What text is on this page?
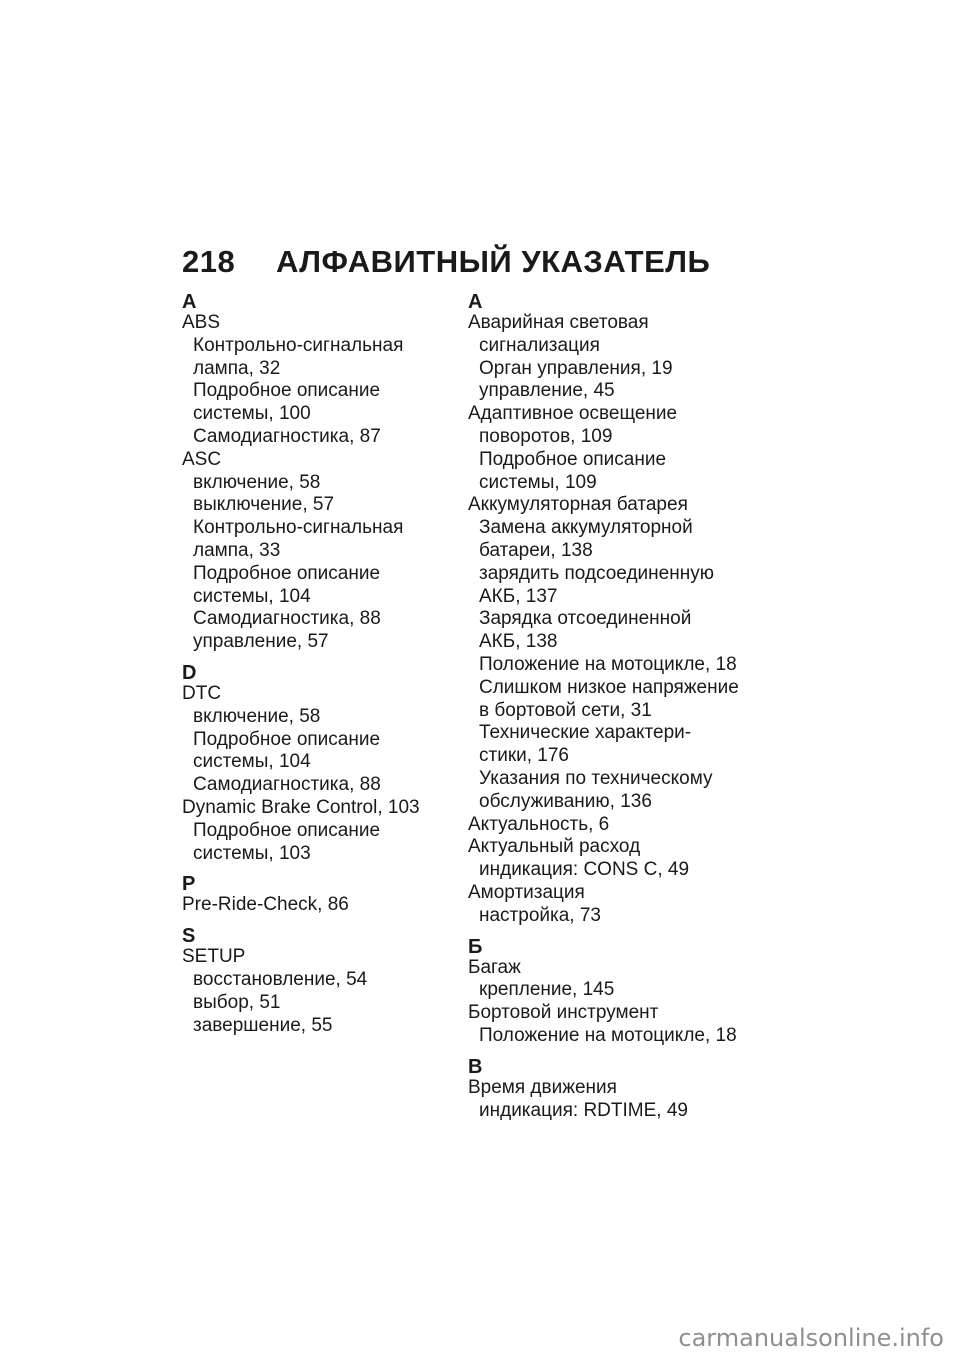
218 АЛФАВИТНЫЙ УКАЗАТЕЛЬ
A
ABS
Контрольно-сигнальная
лампа, 32
Подробное описание
системы, 100
Самодиагностика, 87
ASC
включение, 58
выключение, 57
Контрольно-сигнальная
лампа, 33
Подробное описание
системы, 104
Самодиагностика, 88
управление, 57
D
DTC
включение, 58
Подробное описание
системы, 104
Самодиагностика, 88
Dynamic Brake Control, 103
Подробное описание
системы, 103
P
Pre-Ride-Check, 86
S
SETUP
восстановление, 54
выбор, 51
завершение, 55
А
Аварийная световая
сигнализация
Орган управления, 19
управление, 45
Адаптивное освещение
поворотов, 109
Подробное описание
системы, 109
Аккумуляторная батарея
Замена аккумуляторной
батареи, 138
зарядить подсоединенную
АКБ, 137
Зарядка отсоединенной
АКБ, 138
Положение на мотоцикле, 18
Слишком низкое напряжение
в бортовой сети, 31
Технические характери-
стики, 176
Указания по техническому
обслуживанию, 136
Актуальность, 6
Актуальный расход
индикация: CONS C, 49
Амортизация
настройка, 73
Б
Багаж
крепление, 145
Бортовой инструмент
Положение на мотоцикле, 18
В
Время движения
индикация: RDTIME, 49
carmanualsonline.info
